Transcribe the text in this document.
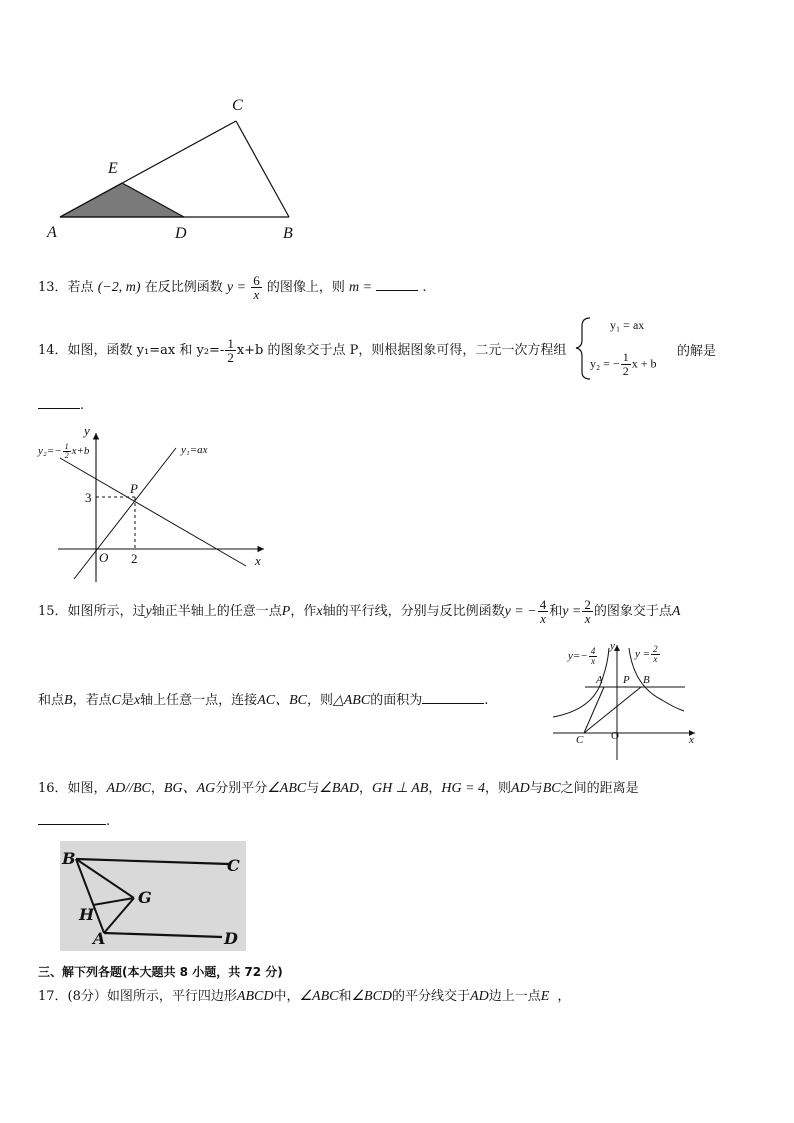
C
E
A	D	B
13．若点 (−2, m) 在反比例函数 $y = \frac{6}{x}$ 的图像上，则 m =	.
14．如图，函数 y₁=ax 和 $y_2=- \frac{1}{2} x+b$ 的图象交于点 P，则根据图象可得，二元一次方程组
y₁ = ax
y₂ = − $\frac{1}{2}$ x + b
的解是
.
y
x
O
$y_2=- \frac{1}{2} x+b$	y₁=ax
P
3
2
15．如图所示，过y轴正半轴上的任意一点P，作x轴的平行线，分别与反比例函数y = − $\frac{4}{x}$ 和$y = \frac{2}{x}$ 的图象交于点A
和点B，若点C是x轴上任意一点，连接AC、BC，则△ABC的面积为	.
$y=- \frac{4}{x}$	$y = \frac{2}{x}$
y
A P B
C	O	x
16．如图，AD//BC，BG、AG分别平分∠ABC与∠BAD，GH ⊥ AB，HG = 4，则AD与BC之间的距离是
.
B	C
G
H
A	D
三、解下列各题(本大题共 8 小题，共 72 分)
17．(8分）如图所示，平行四边形ABCD中，∠ABC和∠BCD的平分线交于AD边上一点E ，
